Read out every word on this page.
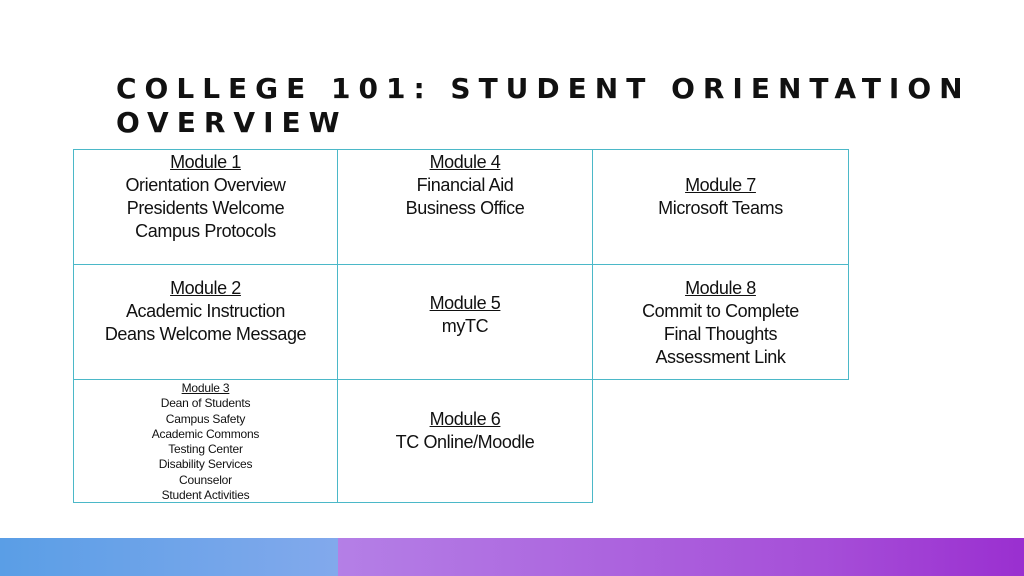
COLLEGE 101: STUDENT ORIENTATION OVERVIEW
Module 1
Orientation Overview
Presidents Welcome
Campus Protocols
Module 4
Financial Aid
Business Office
Module 7
Microsoft Teams
Module 2
Academic Instruction
Deans Welcome Message
Module 5
myTC
Module 8
Commit to Complete
Final Thoughts
Assessment Link
Module 3
Dean of Students
Campus Safety
Academic Commons
Testing Center
Disability Services
Counselor
Student Activities
Module 6
TC Online/Moodle
